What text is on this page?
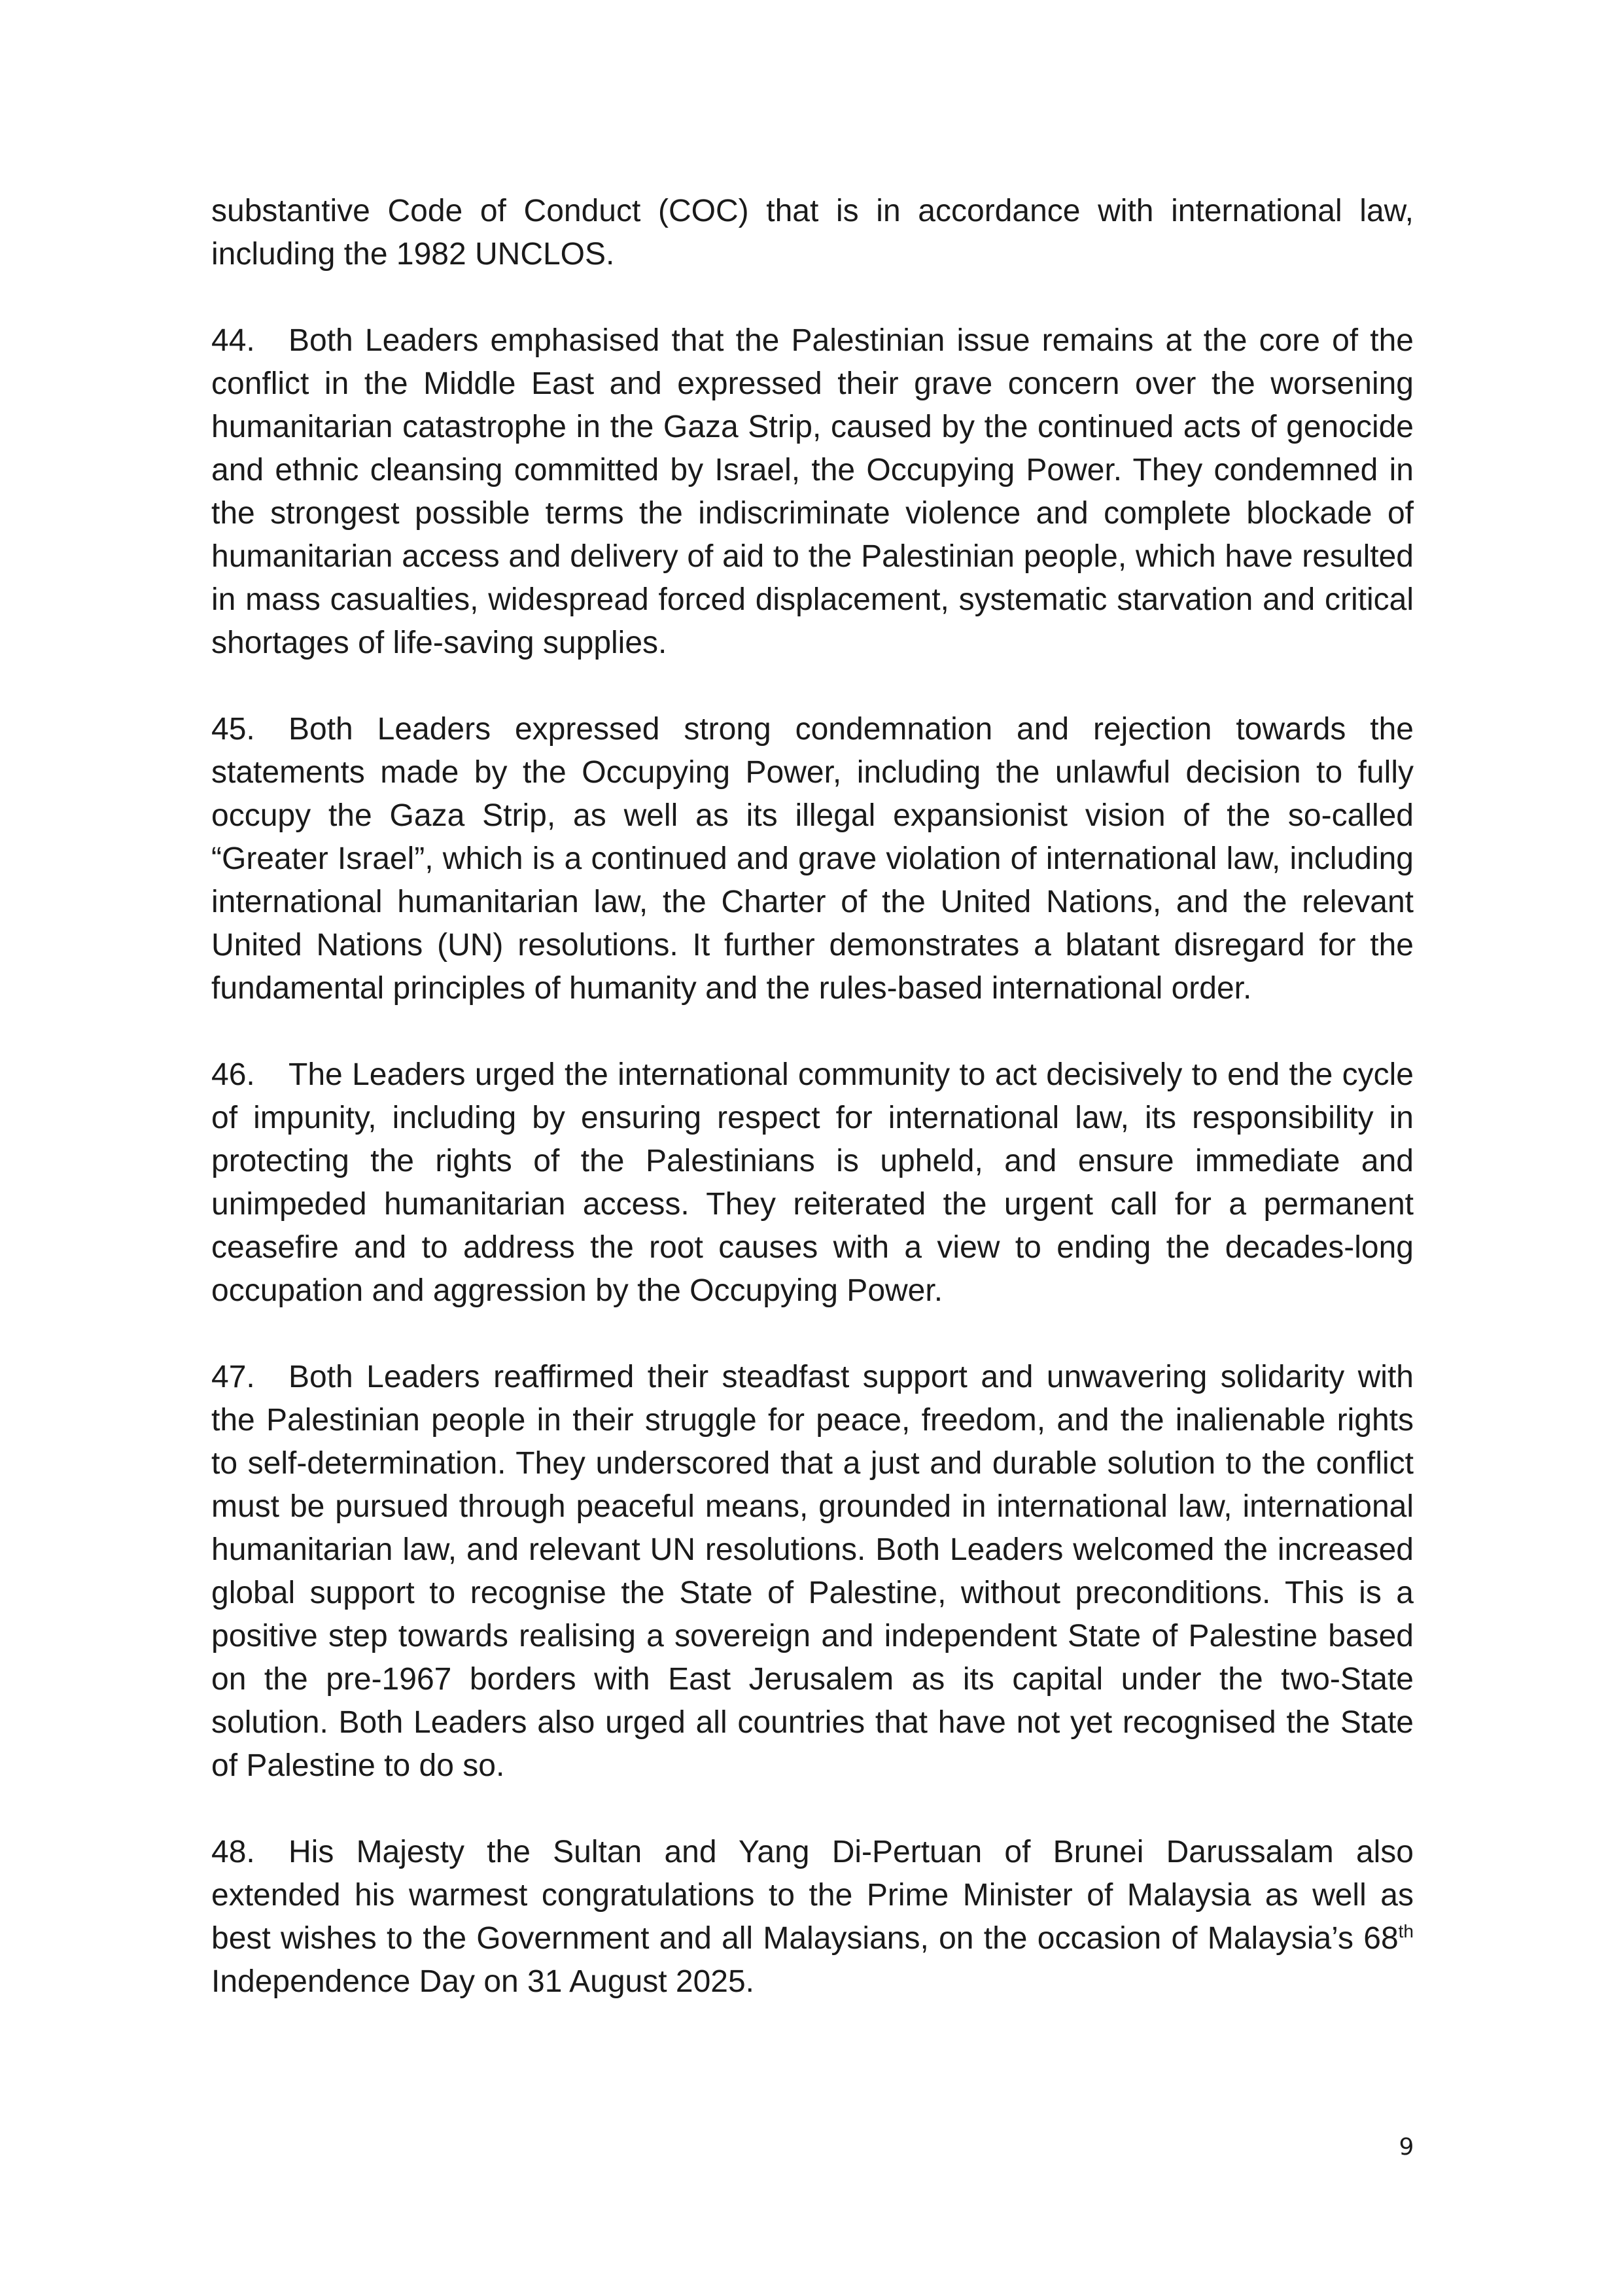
substantive Code of Conduct (COC) that is in accordance with international law, including the 1982 UNCLOS.

44. Both Leaders emphasised that the Palestinian issue remains at the core of the conflict in the Middle East and expressed their grave concern over the worsening humanitarian catastrophe in the Gaza Strip, caused by the continued acts of genocide and ethnic cleansing committed by Israel, the Occupying Power. They condemned in the strongest possible terms the indiscriminate violence and complete blockade of humanitarian access and delivery of aid to the Palestinian people, which have resulted in mass casualties, widespread forced displacement, systematic starvation and critical shortages of life-saving supplies.

45. Both Leaders expressed strong condemnation and rejection towards the statements made by the Occupying Power, including the unlawful decision to fully occupy the Gaza Strip, as well as its illegal expansionist vision of the so-called “Greater Israel”, which is a continued and grave violation of international law, including international humanitarian law, the Charter of the United Nations, and the relevant United Nations (UN) resolutions. It further demonstrates a blatant disregard for the fundamental principles of humanity and the rules-based international order.

46. The Leaders urged the international community to act decisively to end the cycle of impunity, including by ensuring respect for international law, its responsibility in protecting the rights of the Palestinians is upheld, and ensure immediate and unimpeded humanitarian access. They reiterated the urgent call for a permanent ceasefire and to address the root causes with a view to ending the decades-long occupation and aggression by the Occupying Power.

47. Both Leaders reaffirmed their steadfast support and unwavering solidarity with the Palestinian people in their struggle for peace, freedom, and the inalienable rights to self-determination. They underscored that a just and durable solution to the conflict must be pursued through peaceful means, grounded in international law, international humanitarian law, and relevant UN resolutions. Both Leaders welcomed the increased global support to recognise the State of Palestine, without preconditions. This is a positive step towards realising a sovereign and independent State of Palestine based on the pre-1967 borders with East Jerusalem as its capital under the two-State solution. Both Leaders also urged all countries that have not yet recognised the State of Palestine to do so.

48. His Majesty the Sultan and Yang Di-Pertuan of Brunei Darussalam also extended his warmest congratulations to the Prime Minister of Malaysia as well as best wishes to the Government and all Malaysians, on the occasion of Malaysia’s 68th Independence Day on 31 August 2025.

9
